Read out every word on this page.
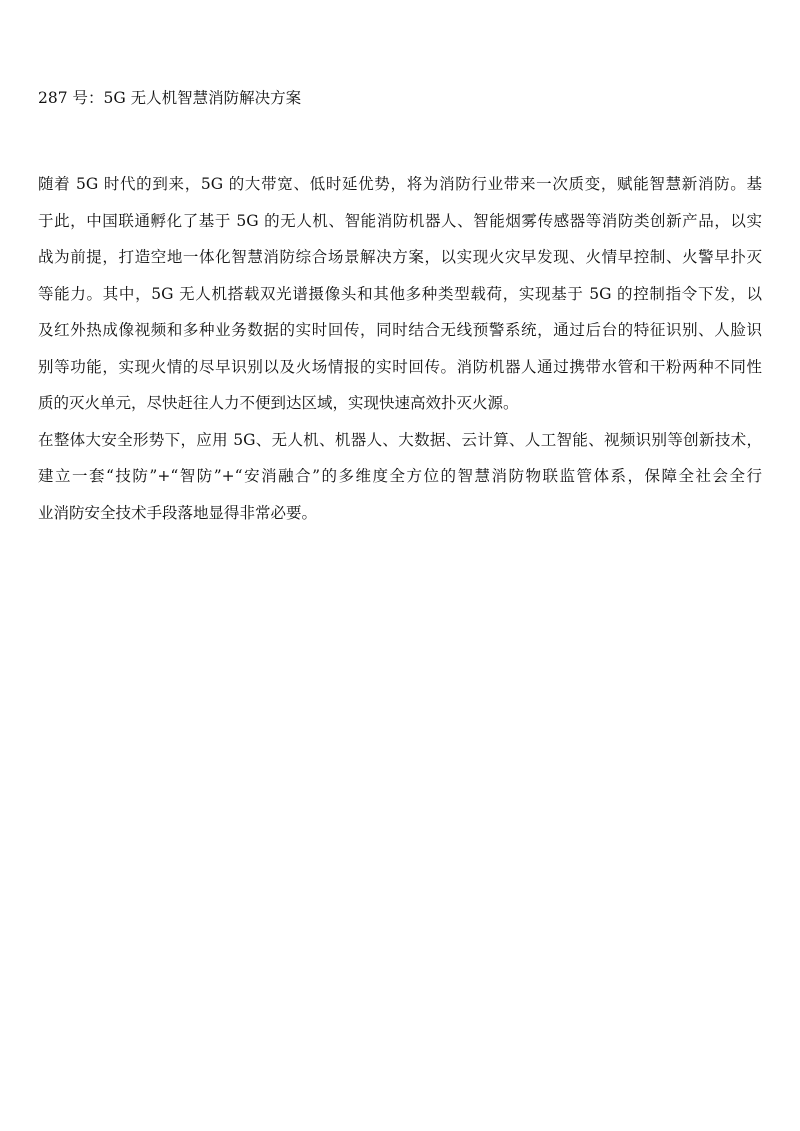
287 号：5G 无人机智慧消防解决方案
随着 5G 时代的到来，5G 的大带宽、低时延优势，将为消防行业带来一次质变，赋能智慧新消防。基
于此，中国联通孵化了基于 5G 的无人机、智能消防机器人、智能烟雾传感器等消防类创新产品，以实
战为前提，打造空地一体化智慧消防综合场景解决方案，以实现火灾早发现、火情早控制、火警早扑灭
等能力。其中，5G 无人机搭载双光谱摄像头和其他多种类型载荷，实现基于 5G 的控制指令下发，以
及红外热成像视频和多种业务数据的实时回传，同时结合无线预警系统，通过后台的特征识别、人脸识
别等功能，实现火情的尽早识别以及火场情报的实时回传。消防机器人通过携带水管和干粉两种不同性
质的灭火单元，尽快赶往人力不便到达区域，实现快速高效扑灭火源。
在整体大安全形势下，应用 5G、无人机、机器人、大数据、云计算、人工智能、视频识别等创新技术，
建立一套“技防”+“智防”+“安消融合”的多维度全方位的智慧消防物联监管体系，保障全社会全行
业消防安全技术手段落地显得非常必要。
